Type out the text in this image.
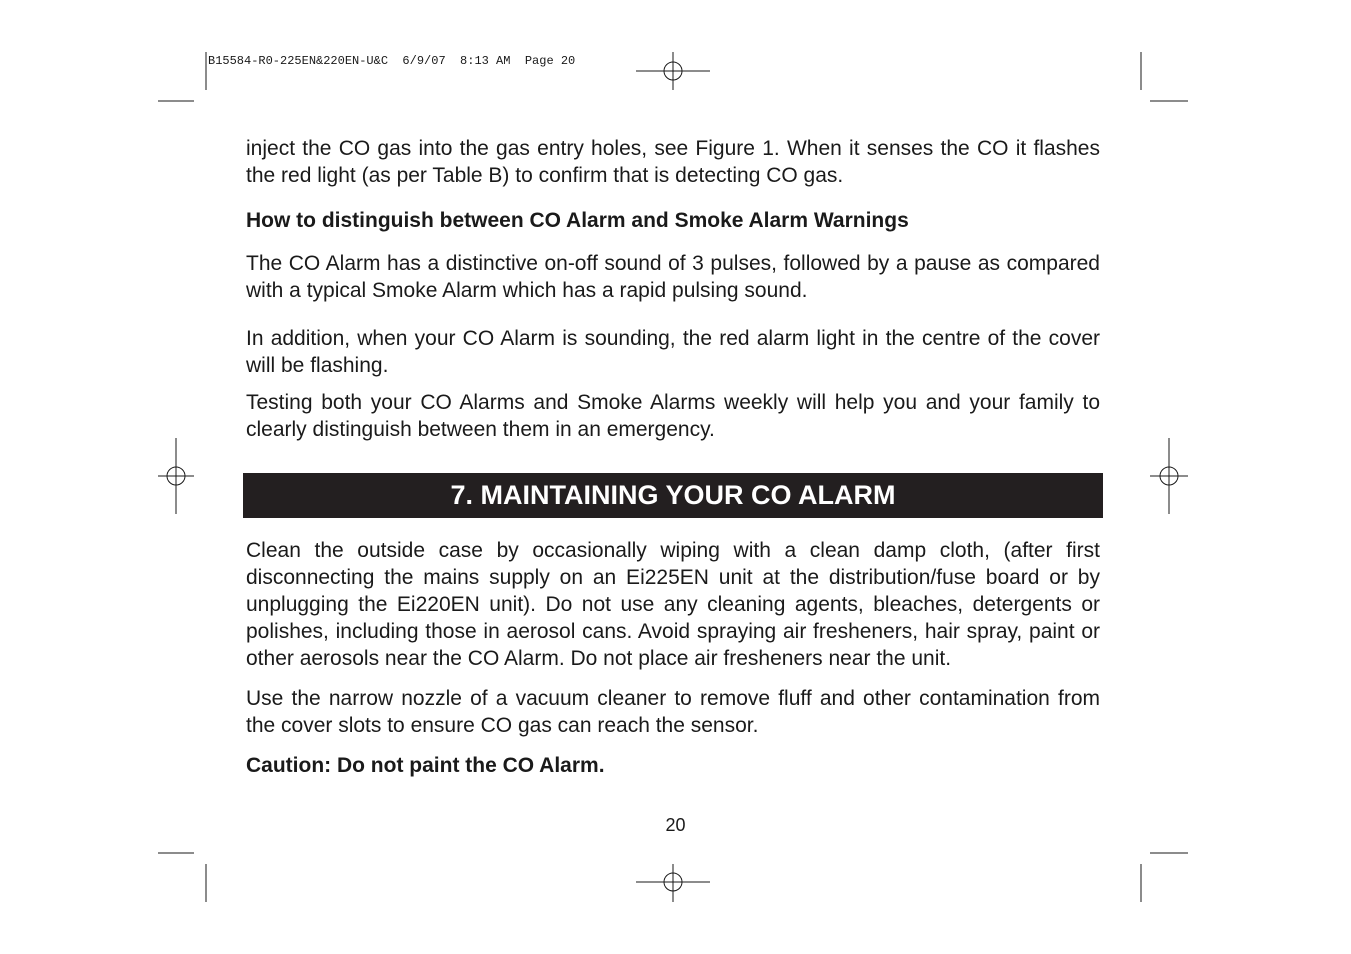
B15584-R0-225EN&220EN-U&C  6/9/07  8:13 AM  Page 20

inject the CO gas into the gas entry holes, see Figure 1. When it senses the CO it flashes the red light (as per Table B) to confirm that is detecting CO gas.

How to distinguish between CO Alarm and Smoke Alarm Warnings

The CO Alarm has a distinctive on-off sound of 3 pulses, followed by a pause as compared with a typical Smoke Alarm which has a rapid pulsing sound.

In addition, when your CO Alarm is sounding, the red alarm light in the centre of the cover will be flashing.

Testing both your CO Alarms and Smoke Alarms weekly will help you and your family to clearly distinguish between them in an emergency.

7. MAINTAINING YOUR CO ALARM

Clean the outside case by occasionally wiping with a clean damp cloth, (after first disconnecting the mains supply on an Ei225EN unit at the distribution/fuse board or by unplugging the Ei220EN unit). Do not use any cleaning agents, bleaches, detergents or polishes, including those in aerosol cans. Avoid spraying air fresheners, hair spray, paint or other aerosols near the CO Alarm. Do not place air fresheners near the unit.

Use the narrow nozzle of a vacuum cleaner to remove fluff and other contamination from the cover slots to ensure CO gas can reach the sensor.

Caution: Do not paint the CO Alarm.

20
